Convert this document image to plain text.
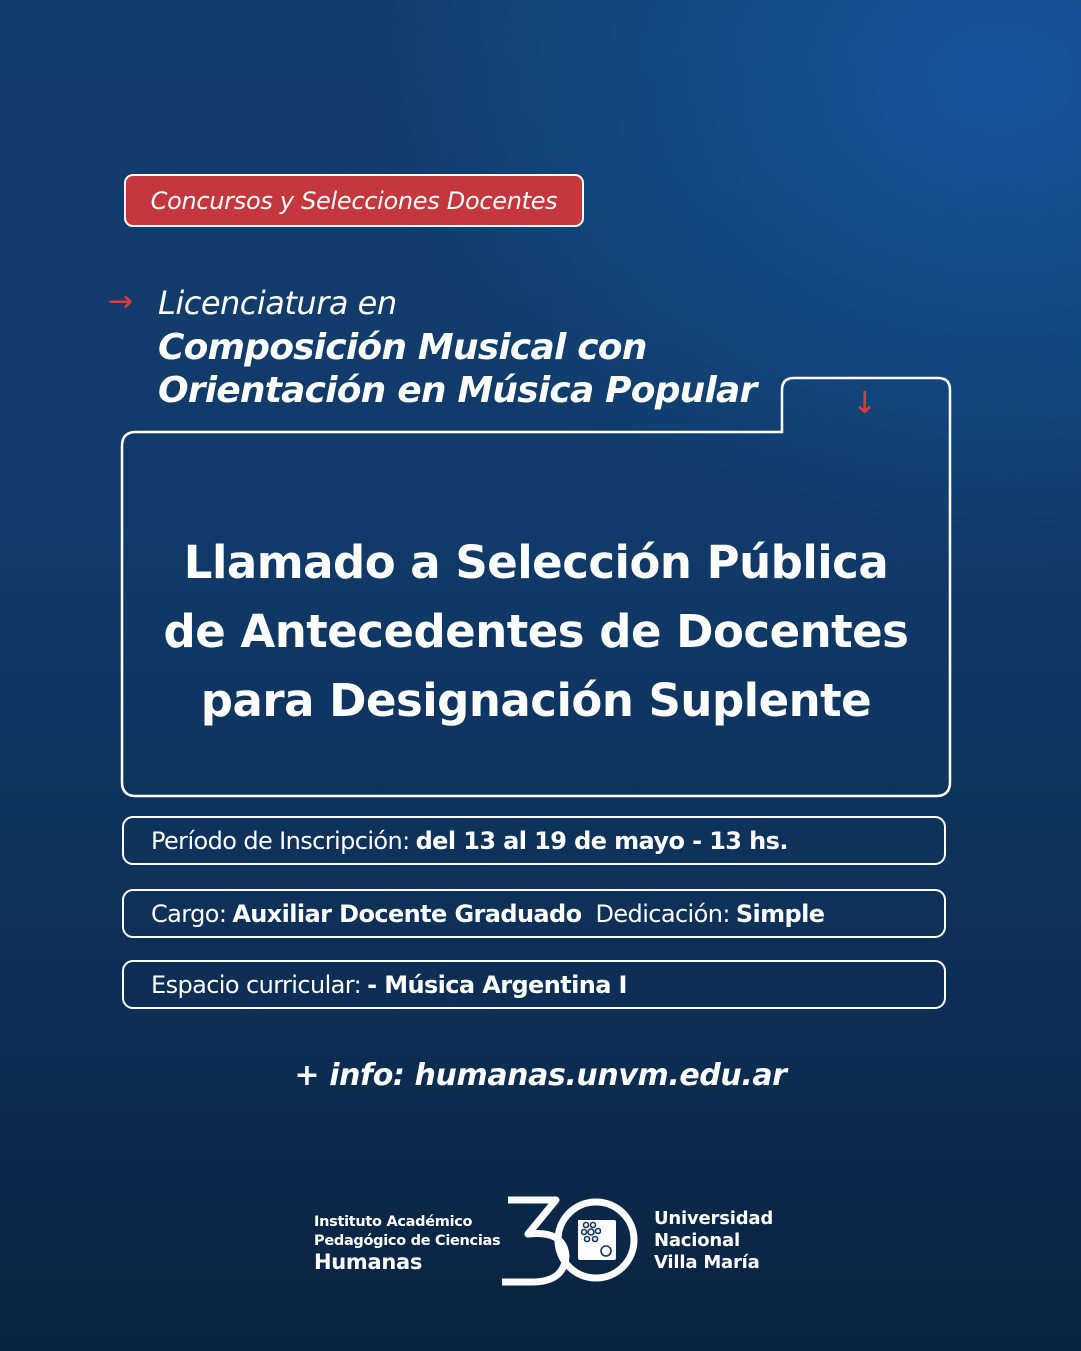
Concursos y Selecciones Docentes
→ Licenciatura en
Composición Musical con
Orientación en Música Popular	↓
Llamado a Selección Pública
de Antecedentes de Docentes
para Designación Suplente
Período de Inscripción: del 13 al 19 de mayo - 13 hs.
Cargo: Auxiliar Docente Graduado Dedicación: Simple
Espacio curricular: - Música Argentina I
+ info: humanas.unvm.edu.ar
Instituto Académico
Pedagógico de Ciencias
Humanas
Universidad
Nacional
Villa María
